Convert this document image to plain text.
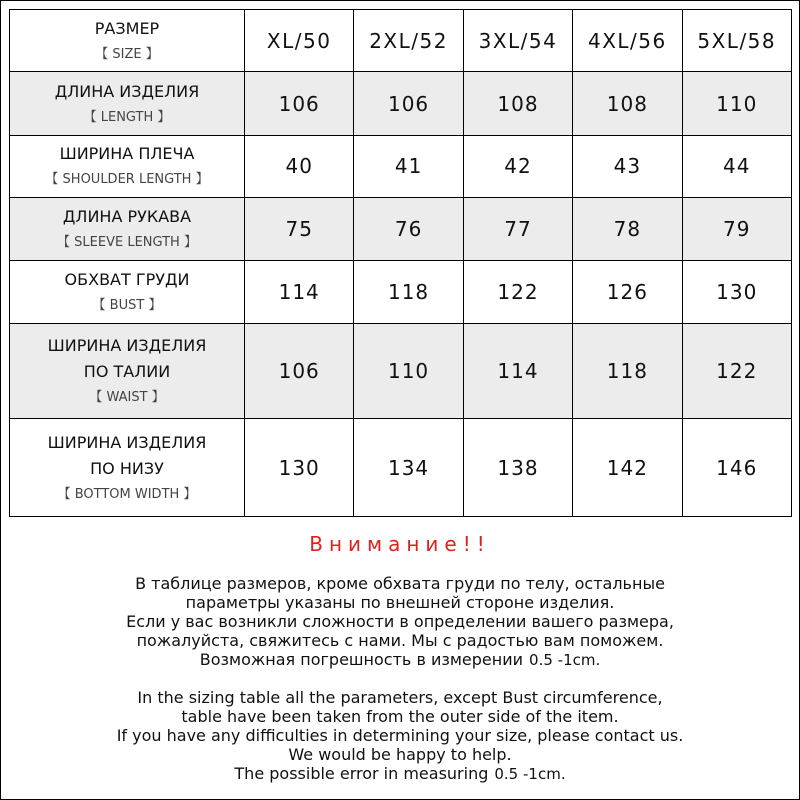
РАЗМЕР
【 SIZE 】	XL/50	2XL/52	3XL/54	4XL/56	5XL/58

ДЛИНА ИЗДЕЛИЯ
【 LENGTH 】	106	106	108	108	110

ШИРИНА ПЛЕЧА
【 SHOULDER LENGTH 】	40	41	42	43	44

ДЛИНА РУКАВА
【 SLEEVE LENGTH 】	75	76	77	78	79

ОБХВАТ ГРУДИ
【 BUST 】	114	118	122	126	130

ШИРИНА ИЗДЕЛИЯ
ПО ТАЛИИ
【 WAIST 】	106	110	114	118	122

ШИРИНА ИЗДЕЛИЯ
ПО НИЗУ
【 BOTTOM WIDTH 】	130	134	138	142	146
Внимание!!
В таблице размеров, кроме обхвата груди по телу, остальные
параметры указаны по внешней стороне изделия.
Если у вас возникли сложности в определении вашего размера,
пожалуйста, свяжитесь с нами. Мы с радостью вам поможем.
Возможная погрешность в измерении 0.5 -1cm.
In the sizing table all the parameters, except Bust circumference,
table have been taken from the outer side of the item.
If you have any difficulties in determining your size, please contact us.
We would be happy to help.
The possible error in measuring 0.5 -1cm.
